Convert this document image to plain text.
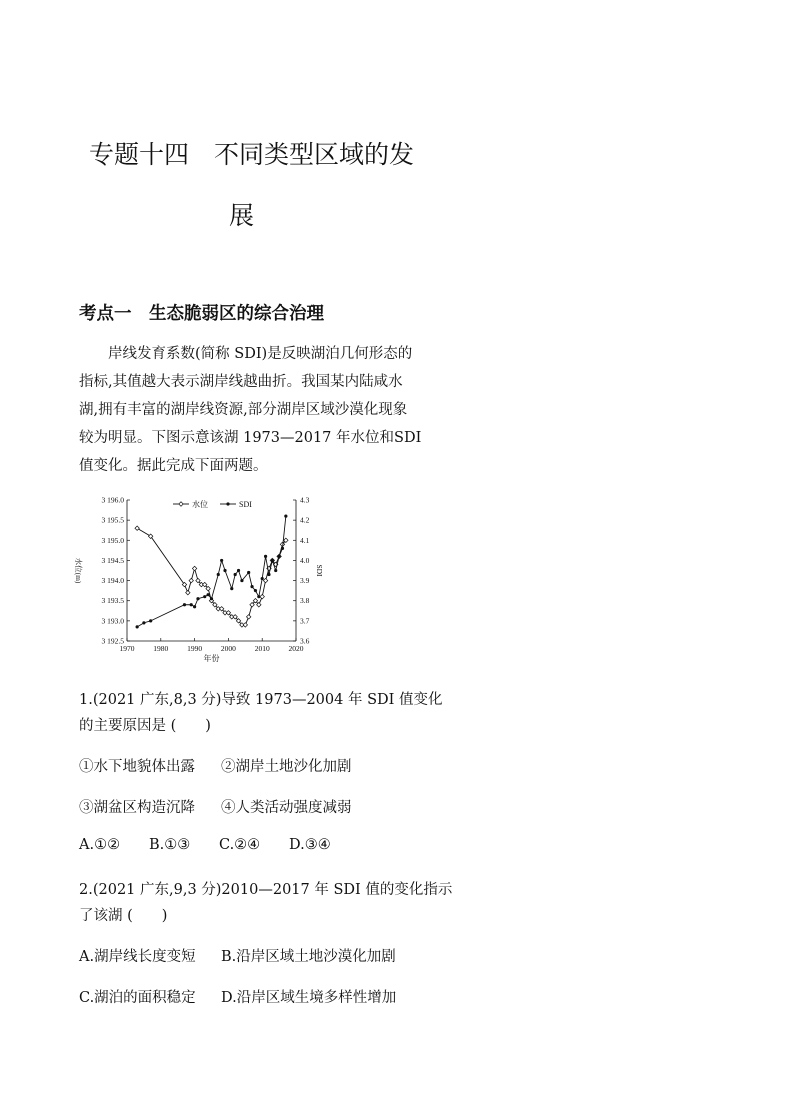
专题十四　不同类型区域的发
展
考点一　生态脆弱区的综合治理
岸线发育系数(简称 SDI)是反映湖泊几何形态的
指标,其值越大表示湖岸线越曲折。我国某内陆咸水
湖,拥有丰富的湖岸线资源,部分湖岸区域沙漠化现象
较为明显。下图示意该湖 1973—2017 年水位和SDI
值变化。据此完成下面两题。
1970	1980	1990	2000	2010	2020
3 192.5
3 193.0
3 193.5
3 194.0
3 194.5
3 195.0
3 195.5
3 196.0
3.6
3.7
3.8
3.9
4.0
4.1
4.2
4.3
年份
水位(m)	SDI
水位	SDI
1.(2021 广东,8,3 分)导致 1973—2004 年 SDI 值变化
的主要原因是 (　　)
①水下地貌体出露 ②湖岸土地沙化加剧
③湖盆区构造沉降 ④人类活动强度减弱
A.①② B.①③ C.②④ D.③④
2.(2021 广东,9,3 分)2010—2017 年 SDI 值的变化指示
了该湖 (　　)
A.湖岸线长度变短 B.沿岸区域土地沙漠化加剧
C.湖泊的面积稳定 D.沿岸区域生境多样性增加
